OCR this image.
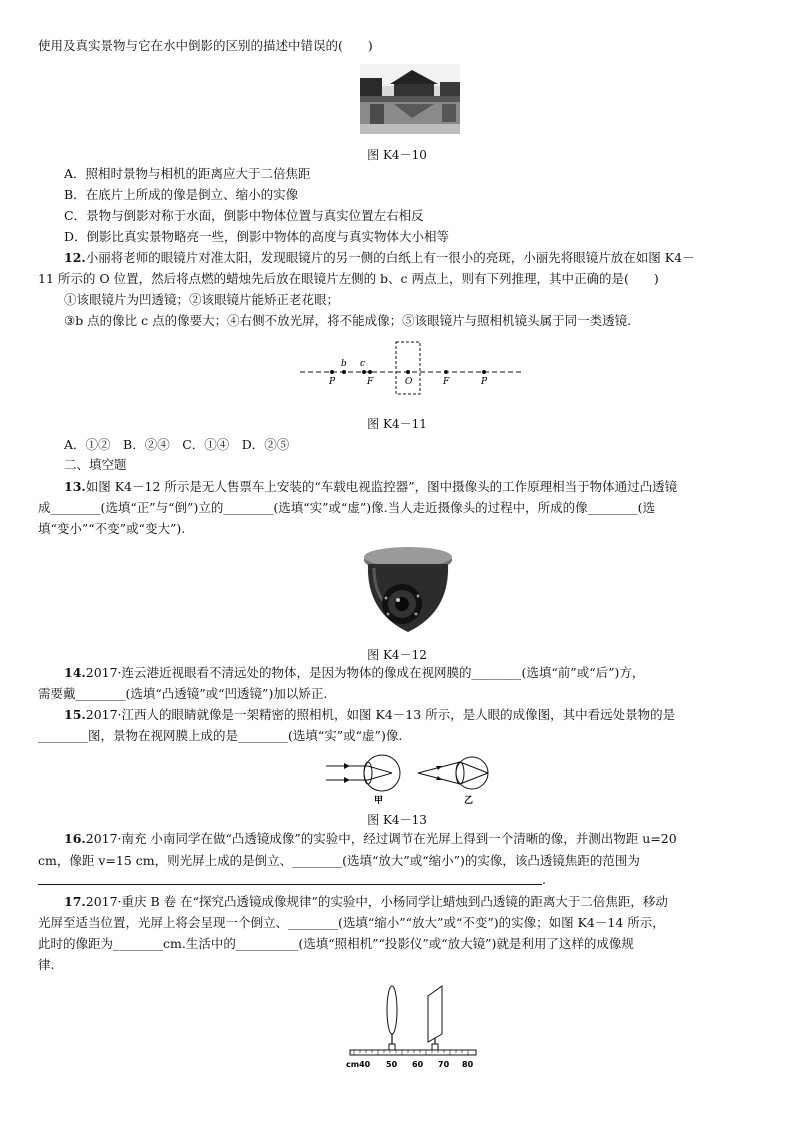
使用及真实景物与它在水中倒影的区别的描述中错误的(　　)
图 K4－10
A．照相时景物与相机的距离应大于二倍焦距
B．在底片上所成的像是倒立、缩小的实像
C．景物与倒影对称于水面，倒影中物体位置与真实位置左右相反
D．倒影比真实景物略亮一些，倒影中物体的高度与真实物体大小相等
12.小丽将老师的眼镜片对准太阳，发现眼镜片的另一侧的白纸上有一很小的亮斑，小丽先将眼镜片放在如图 K4－
11 所示的 O 位置，然后将点燃的蜡烛先后放在眼镜片左侧的 b、c 两点上，则有下列推理，其中正确的是(　　)
①该眼镜片为凹透镜；②该眼镜片能矫正老花眼；
③b 点的像比 c 点的像要大；④右侧不放光屏，将不能成像；⑤该眼镜片与照相机镜头属于同一类透镜.
P
b c
F	O	F	P
图 K4－11
A．①②　B．②④　C．①④　D．②⑤
二、填空题
13.如图 K4－12 所示是无人售票车上安装的“车载电视监控器”，图中摄像头的工作原理相当于物体通过凸透镜
成________(选填“正”与“倒”)立的________(选填“实”或“虚”)像.当人走近摄像头的过程中，所成的像________(选
填“变小”“不变”或“变大”).
图 K4－12
14.2017·连云港近视眼看不清远处的物体，是因为物体的像成在视网膜的________(选填“前”或“后”)方，
需要戴________(选填“凸透镜”或“凹透镜”)加以矫正.
15.2017·江西人的眼睛就像是一架精密的照相机，如图 K4－13 所示，是人眼的成像图，其中看远处景物的是
________图，景物在视网膜上成的是________(选填“实”或“虚”)像.
甲	乙
图 K4－13
16.2017·南充 小南同学在做“凸透镜成像”的实验中，经过调节在光屏上得到一个清晰的像，并测出物距 u=20
cm，像距 v=15 cm，则光屏上成的是倒立、________(选填“放大”或“缩小”)的实像，该凸透镜焦距的范围为
.
17.2017·重庆 B 卷 在“探究凸透镜成像规律”的实验中，小杨同学让蜡烛到凸透镜的距离大于二倍焦距，移动
光屏至适当位置，光屏上将会呈现一个倒立、________(选填“缩小”“放大”或“不变”)的实像；如图 K4－14 所示，
此时的像距为________cm.生活中的__________(选填“照相机”“投影仪”或“放大镜”)就是利用了这样的成像规
律.
cm40 50 60 70 80
